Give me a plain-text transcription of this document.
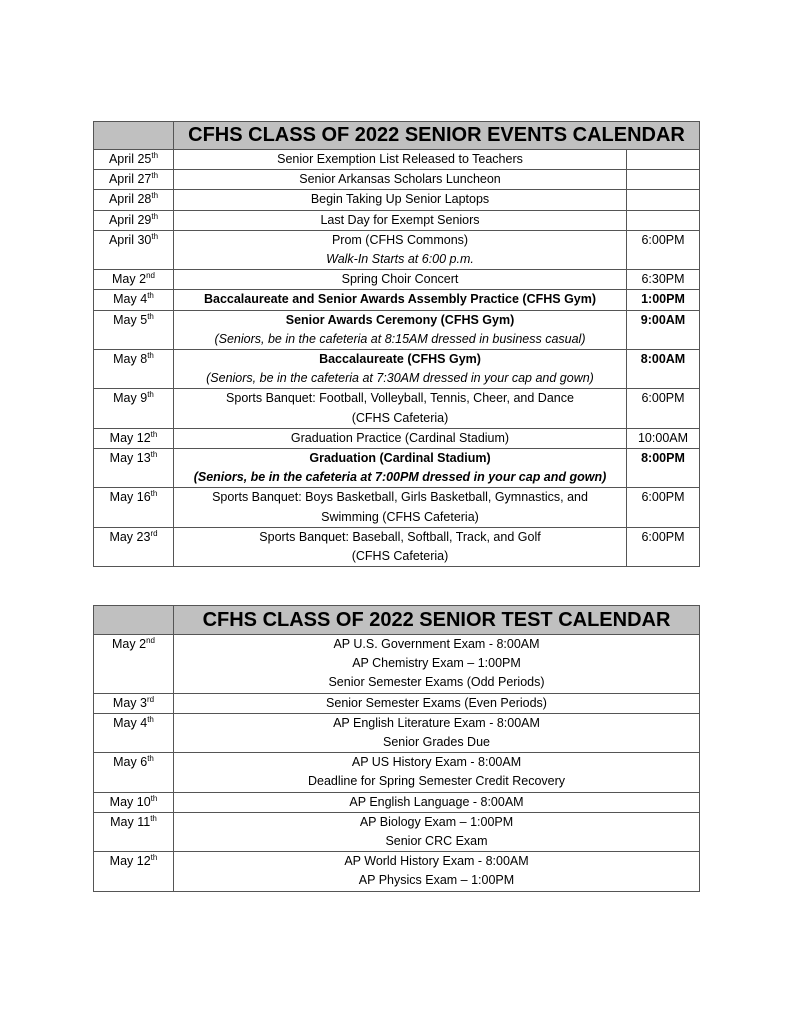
	CFHS CLASS OF 2022 SENIOR EVENTS CALENDAR	
April 25th	Senior Exemption List Released to Teachers	

April 27th	Senior Arkansas Scholars Luncheon	

April 28th	Begin Taking Up Senior Laptops	

April 29th	Last Day for Exempt Seniors	

April 30th	Prom (CFHS Commons)
Walk-In Starts at 6:00 p.m.	6:00PM
May 2nd	Spring Choir Concert	6:30PM
May 4th	Baccalaureate and Senior Awards Assembly Practice (CFHS Gym)	1:00PM
May 5th	Senior Awards Ceremony (CFHS Gym)
(Seniors, be in the cafeteria at 8:15AM dressed in business casual)	9:00AM
May 8th	Baccalaureate (CFHS Gym)
(Seniors, be in the cafeteria at 7:30AM dressed in your cap and gown)	8:00AM
May 9th	Sports Banquet: Football, Volleyball, Tennis, Cheer, and Dance
(CFHS Cafeteria)	6:00PM
May 12th	Graduation Practice (Cardinal Stadium)	10:00AM
May 13th	Graduation (Cardinal Stadium)
(Seniors, be in the cafeteria at 7:00PM dressed in your cap and gown)	8:00PM
May 16th	Sports Banquet: Boys Basketball, Girls Basketball, Gymnastics, and
Swimming (CFHS Cafeteria)	6:00PM
May 23rd	Sports Banquet: Baseball, Softball, Track, and Golf
(CFHS Cafeteria)	6:00PM
	CFHS CLASS OF 2022 SENIOR TEST CALENDAR
May 2nd	AP U.S. Government Exam - 8:00AM
AP Chemistry Exam – 1:00PM
Senior Semester Exams (Odd Periods)

May 3rd	Senior Semester Exams (Even Periods)

May 4th	AP English Literature Exam - 8:00AM
Senior Grades Due

May 6th	AP US History Exam - 8:00AM
Deadline for Spring Semester Credit Recovery

May 10th	AP English Language - 8:00AM

May 11th	AP Biology Exam – 1:00PM
Senior CRC Exam

May 12th	AP World History Exam - 8:00AM
AP Physics Exam – 1:00PM
